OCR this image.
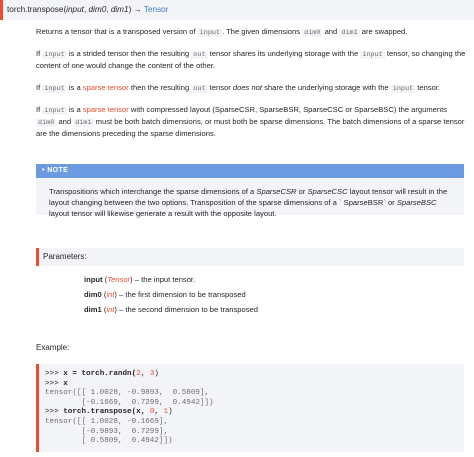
torch.transpose(input, dim0, dim1) → Tensor

Returns a tensor that is a transposed version of input . The given dimensions dim0 and dim1 are swapped.

If input is a strided tensor then the resulting out tensor shares its underlying storage with the input tensor, so changing the content of one would change the content of the other.

If input is a sparse tensor then the resulting out tensor does not share the underlying storage with the input tensor.

If input is a sparse tensor with compressed layout (SparseCSR, SparseBSR, SparseCSC or SparseBSC) the arguments dim0 and dim1 must be both batch dimensions, or must both be sparse dimensions. The batch dimensions of a sparse tensor are the dimensions preceding the sparse dimensions.

• NOTE

Transpositions which interchange the sparse dimensions of a SparseCSR or SparseCSC layout tensor will result in the layout changing between the two options. Transposition of the sparse dimensions of a ` SparseBSR` or SparseBSC layout tensor will likewise generate a result with the opposite layout.

Parameters:
input (Tensor) – the input tensor.
dim0 (int) – the first dimension to be transposed
dim1 (int) – the second dimension to be transposed
Example:
>>> x = torch.randn(2, 3)
>>> x
tensor([[ 1.0028, -0.9893,  0.5809],
[-0.1669,  0.7299,  0.4942]])
>>> torch.transpose(x, 0, 1)
tensor([[ 1.0028, -0.1669],
[-0.9893,  0.7299],
[ 0.5809,  0.4942]])
